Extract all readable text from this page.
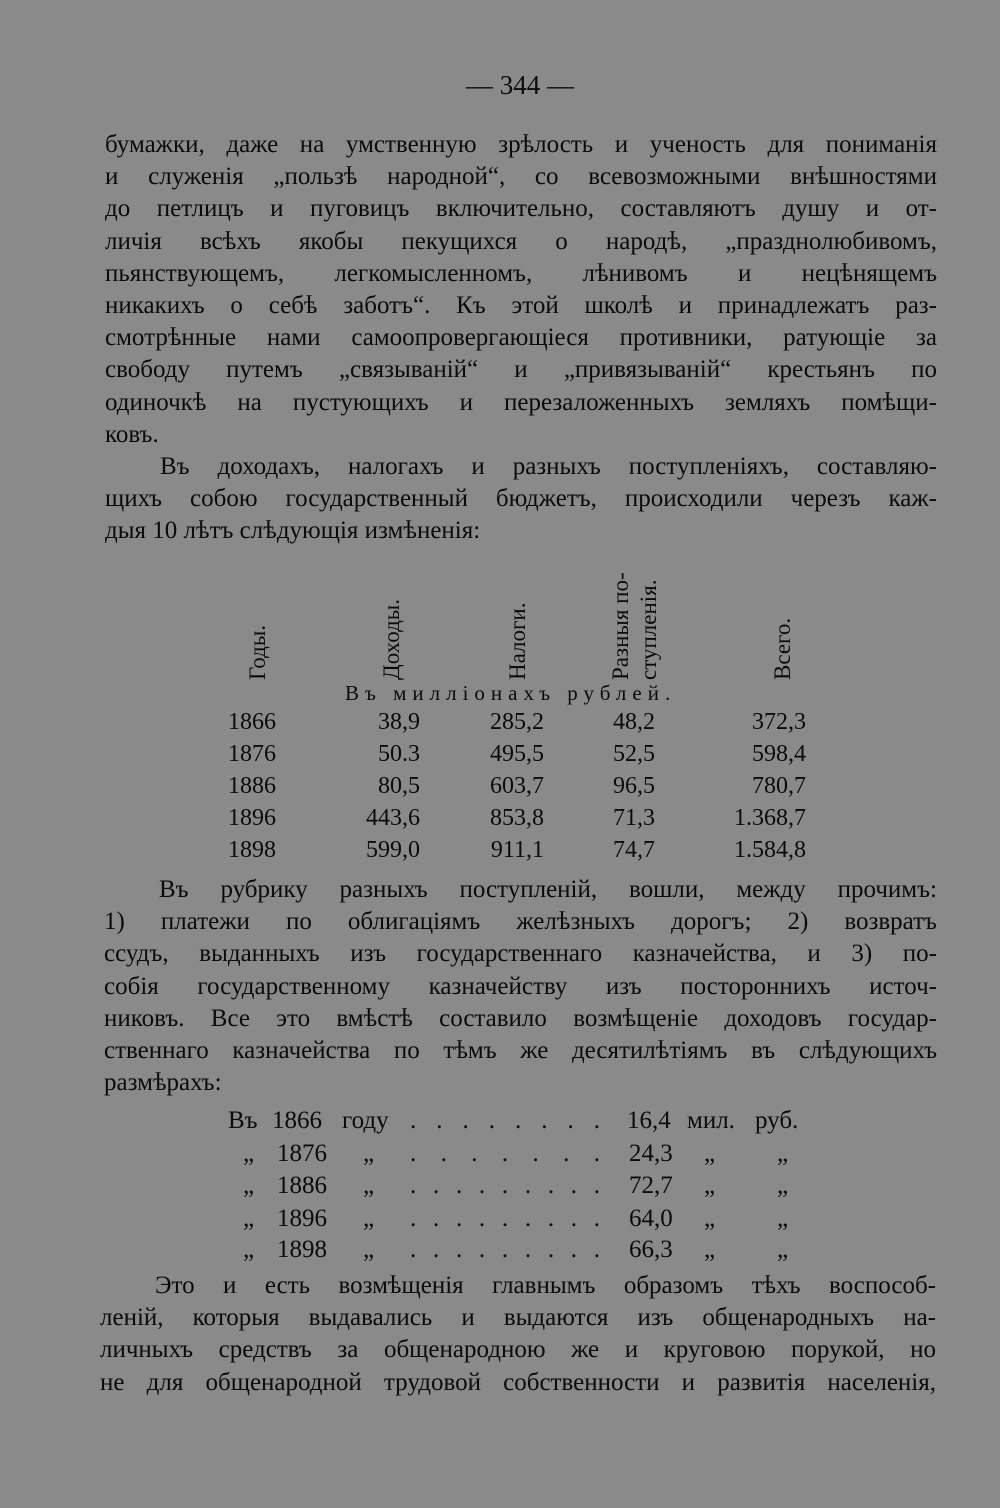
— 344 —
бумажки, даже на умственную зрѣлость и ученость для пониманія
и служенія „пользѣ народной“, со всевозможными внѣшностями
до петлицъ и пуговицъ включительно, составляютъ душу и от-
личія всѣхъ якобы пекущихся о народѣ, „празднолюбивомъ,
пьянствующемъ, легкомысленномъ, лѣнивомъ и нецѣнящемъ
никакихъ о себѣ заботъ“. Къ этой школѣ и принадлежатъ раз-
смотрѣнные нами самоопровергающіеся противники, ратующіе за
свободу путемъ „связываній“ и „привязываній“ крестьянъ по
одиночкѣ на пустующихъ и перезаложенныхъ земляхъ помѣщи-
ковъ.
Въ доходахъ, налогахъ и разныхъ поступленіяхъ, составляю-
щихъ собою государственный бюджетъ, происходили черезъ каж-
дыя 10 лѣтъ слѣдующія измѣненія:
Годы.	Доходы.	Налоги.	Разныя по- ступленія.	Всего.
Въ милліонахъ рублей.
1866	38,9	285,2	48,2	372,3
1876	50.3	495,5	52,5	598,4
1886	80,5	603,7	96,5	780,7
1896	443,6	853,8	71,3	1.368,7
1898	599,0	911,1	74,7	1.584,8
Въ рубрику разныхъ поступленій, вошли, между прочимъ:
1) платежи по облигаціямъ желѣзныхъ дорогъ; 2) возвратъ
ссудъ, выданныхъ изъ государственнаго казначейства, и 3) по-
собія государственному казначейству изъ постороннихъ источ-
никовъ. Все это вмѣстѣ составило возмѣщеніе доходовъ государ-
ственнаго казначейства по тѣмъ же десятилѣтіямъ въ слѣдующихъ
размѣрахъ:
Въ 1866 году . . . . . . . . 16,4 мил. руб.
„ 1876 „ . . . . . . . 24,3 „ „
„ 1886 „ . . . . . . . . . 72,7 „ „
„ 1896 „ . . . . . . . . . 64,0 „ „
„ 1898 „ . . . . . . . . . 66,3 „ „
Это и есть возмѣщенія главнымъ образомъ тѣхъ воспособ-
леній, которыя выдавались и выдаются изъ общенародныхъ на-
личныхъ средствъ за общенародною же и круговою порукой, но
не для общенародной трудовой собственности и развитія населенія,
